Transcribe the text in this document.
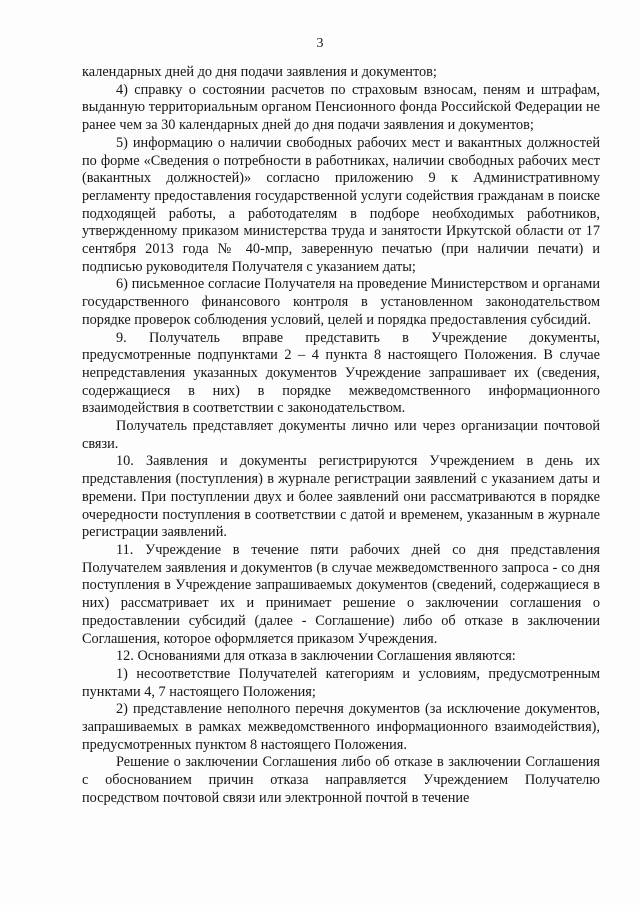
3

календарных дней до дня подачи заявления и документов;

4) справку о состоянии расчетов по страховым взносам, пеням и штрафам, выданную территориальным органом Пенсионного фонда Российской Федерации не ранее чем за 30 календарных дней до дня подачи заявления и документов;

5) информацию о наличии свободных рабочих мест и вакантных должностей по форме «Сведения о потребности в работниках, наличии свободных рабочих мест (вакантных должностей)» согласно приложению 9 к Административному регламенту предоставления государственной услуги содействия гражданам в поиске подходящей работы, а работодателям в подборе необходимых работников, утвержденному приказом министерства труда и занятости Иркутской области от 17 сентября 2013 года № 40-мпр, заверенную печатью (при наличии печати) и подписью руководителя Получателя с указанием даты;

6) письменное согласие Получателя на проведение Министерством и органами государственного финансового контроля в установленном законодательством порядке проверок соблюдения условий, целей и порядка предоставления субсидий.

9. Получатель вправе представить в Учреждение документы, предусмотренные подпунктами 2 – 4 пункта 8 настоящего Положения. В случае непредставления указанных документов Учреждение запрашивает их (сведения, содержащиеся в них) в порядке межведомственного информационного взаимодействия в соответствии с законодательством.

Получатель представляет документы лично или через организации почтовой связи.

10. Заявления и документы регистрируются Учреждением в день их представления (поступления) в журнале регистрации заявлений с указанием даты и времени. При поступлении двух и более заявлений они рассматриваются в порядке очередности поступления в соответствии с датой и временем, указанным в журнале регистрации заявлений.

11. Учреждение в течение пяти рабочих дней со дня представления Получателем заявления и документов (в случае межведомственного запроса - со дня поступления в Учреждение запрашиваемых документов (сведений, содержащиеся в них) рассматривает их и принимает решение о заключении соглашения о предоставлении субсидий (далее - Соглашение) либо об отказе в заключении Соглашения, которое оформляется приказом Учреждения.

12. Основаниями для отказа в заключении Соглашения являются:

1) несоответствие Получателей категориям и условиям, предусмотренным пунктами 4, 7 настоящего Положения;

2) представление неполного перечня документов (за исключение документов, запрашиваемых в рамках межведомственного информационного взаимодействия), предусмотренных пунктом 8 настоящего Положения.

Решение о заключении Соглашения либо об отказе в заключении Соглашения с обоснованием причин отказа направляется Учреждением Получателю посредством почтовой связи или электронной почтой в течение
